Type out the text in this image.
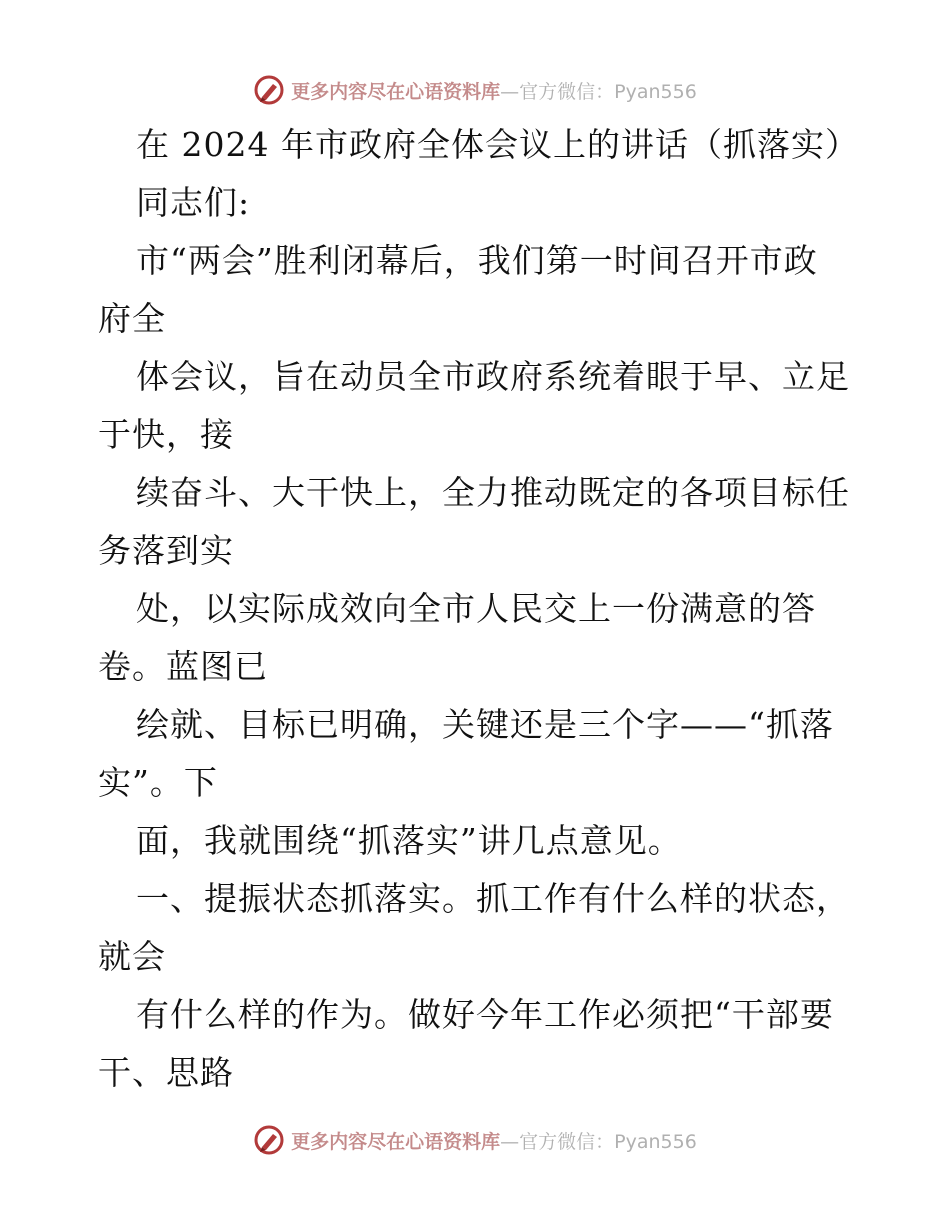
更多内容尽在心语资料库—官方微信：Pyan556
在 2024 年市政府全体会议上的讲话（抓落实）
同志们:
市“两会”胜利闭幕后，我们第一时间召开市政
府全
体会议，旨在动员全市政府系统着眼于早、立足
于快，接
续奋斗、大干快上，全力推动既定的各项目标任
务落到实
处，以实际成效向全市人民交上一份满意的答
卷。蓝图已
绘就、目标已明确，关键还是三个字——“抓落
实”。下
面，我就围绕“抓落实”讲几点意见。
一、提振状态抓落实。抓工作有什么样的状态，
就会
有什么样的作为。做好今年工作必须把“干部要
干、思路
更多内容尽在心语资料库—官方微信：Pyan556
